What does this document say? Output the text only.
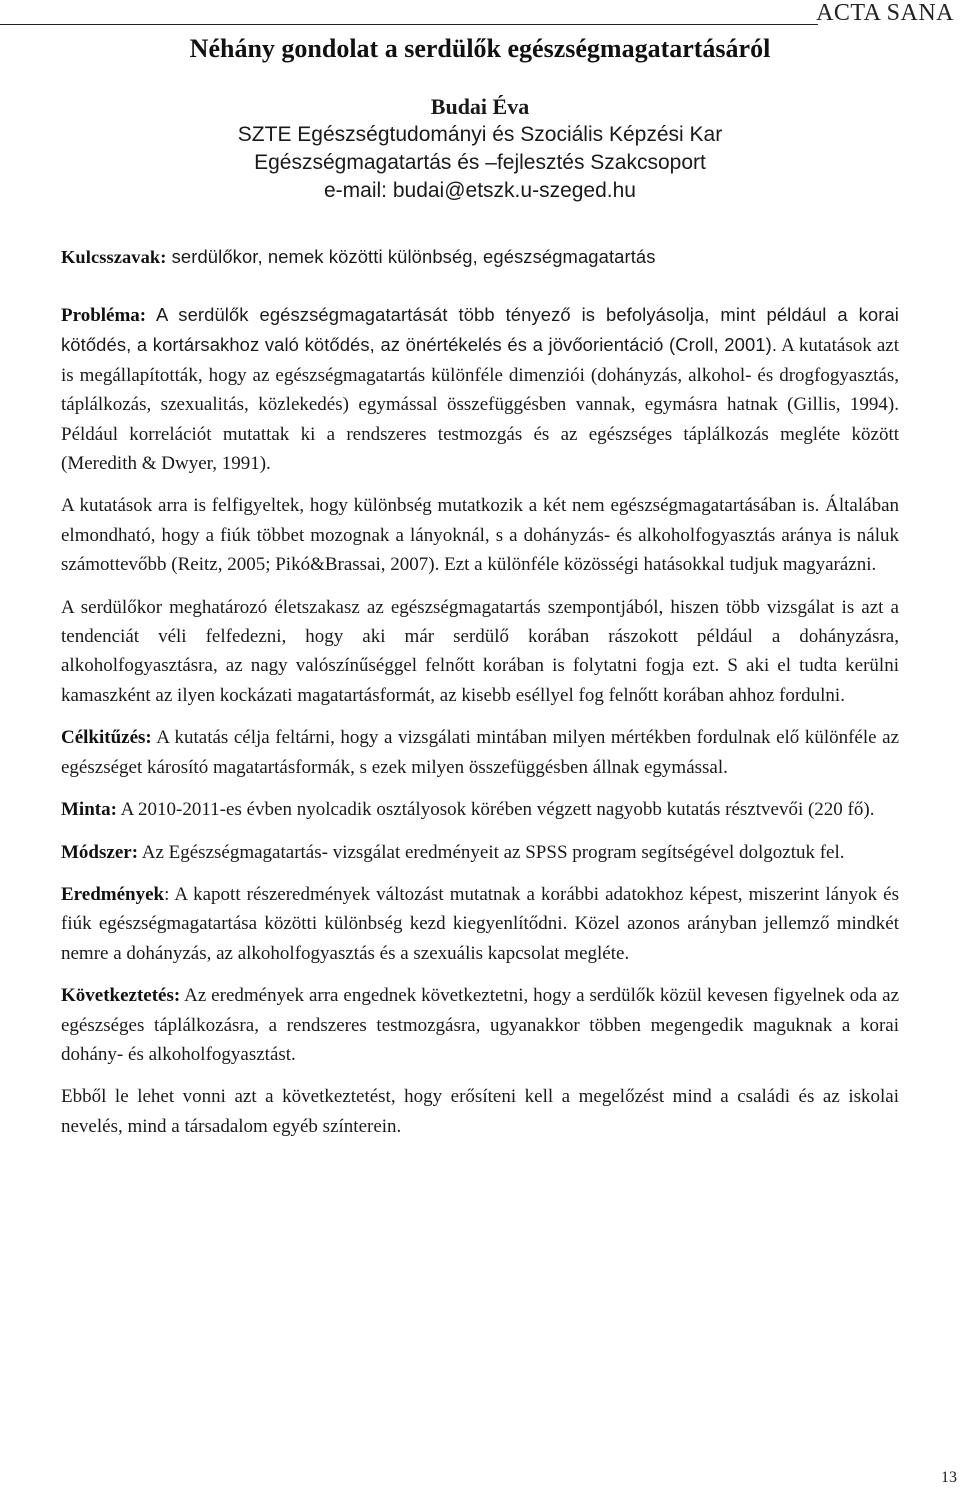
ACTA SANA
Néhány gondolat a serdülők egészségmagatartásáról
Budai Éva
SZTE Egészségtudományi és Szociális Képzési Kar
Egészségmagatartás és –fejlesztés Szakcsoport
e-mail: budai@etszk.u-szeged.hu

Kulcsszavak: serdülőkor, nemek közötti különbség, egészségmagatartás

Probléma: A serdülők egészségmagatartását több tényező is befolyásolja, mint például a korai kötődés, a kortársakhoz való kötődés, az önértékelés és a jövőorientáció (Croll, 2001). A kutatások azt is megállapították, hogy az egészségmagatartás különféle dimenziói (dohányzás, alkohol- és drogfogyasztás, táplálkozás, szexualitás, közlekedés) egymással összefüggésben vannak, egymásra hatnak (Gillis, 1994). Például korrelációt mutattak ki a rendszeres testmozgás és az egészséges táplálkozás megléte között (Meredith & Dwyer, 1991).

A kutatások arra is felfigyeltek, hogy különbség mutatkozik a két nem egészségmagatartásában is. Általában elmondható, hogy a fiúk többet mozognak a lányoknál, s a dohányzás- és alkoholfogyasztás aránya is náluk számottevőbb (Reitz, 2005; Pikó&Brassai, 2007). Ezt a különféle közösségi hatásokkal tudjuk magyarázni.

A serdülőkor meghatározó életszakasz az egészségmagatartás szempontjából, hiszen több vizsgálat is azt a tendenciát véli felfedezni, hogy aki már serdülő korában rászokott például a dohányzásra, alkoholfogyasztásra, az nagy valószínűséggel felnőtt korában is folytatni fogja ezt. S aki el tudta kerülni kamaszként az ilyen kockázati magatartásformát, az kisebb eséllyel fog felnőtt korában ahhoz fordulni.

Célkitűzés: A kutatás célja feltárni, hogy a vizsgálati mintában milyen mértékben fordulnak elő különféle az egészséget károsító magatartásformák, s ezek milyen összefüggésben állnak egymással.

Minta: A 2010-2011-es évben nyolcadik osztályosok körében végzett nagyobb kutatás résztvevői (220 fő).

Módszer: Az Egészségmagatartás- vizsgálat eredményeit az SPSS program segítségével dolgoztuk fel.

Eredmények: A kapott részeredmények változást mutatnak a korábbi adatokhoz képest, miszerint lányok és fiúk egészségmagatartása közötti különbség kezd kiegyenlítődni. Közel azonos arányban jellemző mindkét nemre a dohányzás, az alkoholfogyasztás és a szexuális kapcsolat megléte.

Következtetés: Az eredmények arra engednek következtetni, hogy a serdülők közül kevesen figyelnek oda az egészséges táplálkozásra, a rendszeres testmozgásra, ugyanakkor többen megengedik maguknak a korai dohány- és alkoholfogyasztást.

Ebből le lehet vonni azt a következtetést, hogy erősíteni kell a megelőzést mind a családi és az iskolai nevelés, mind a társadalom egyéb színterein.

13
